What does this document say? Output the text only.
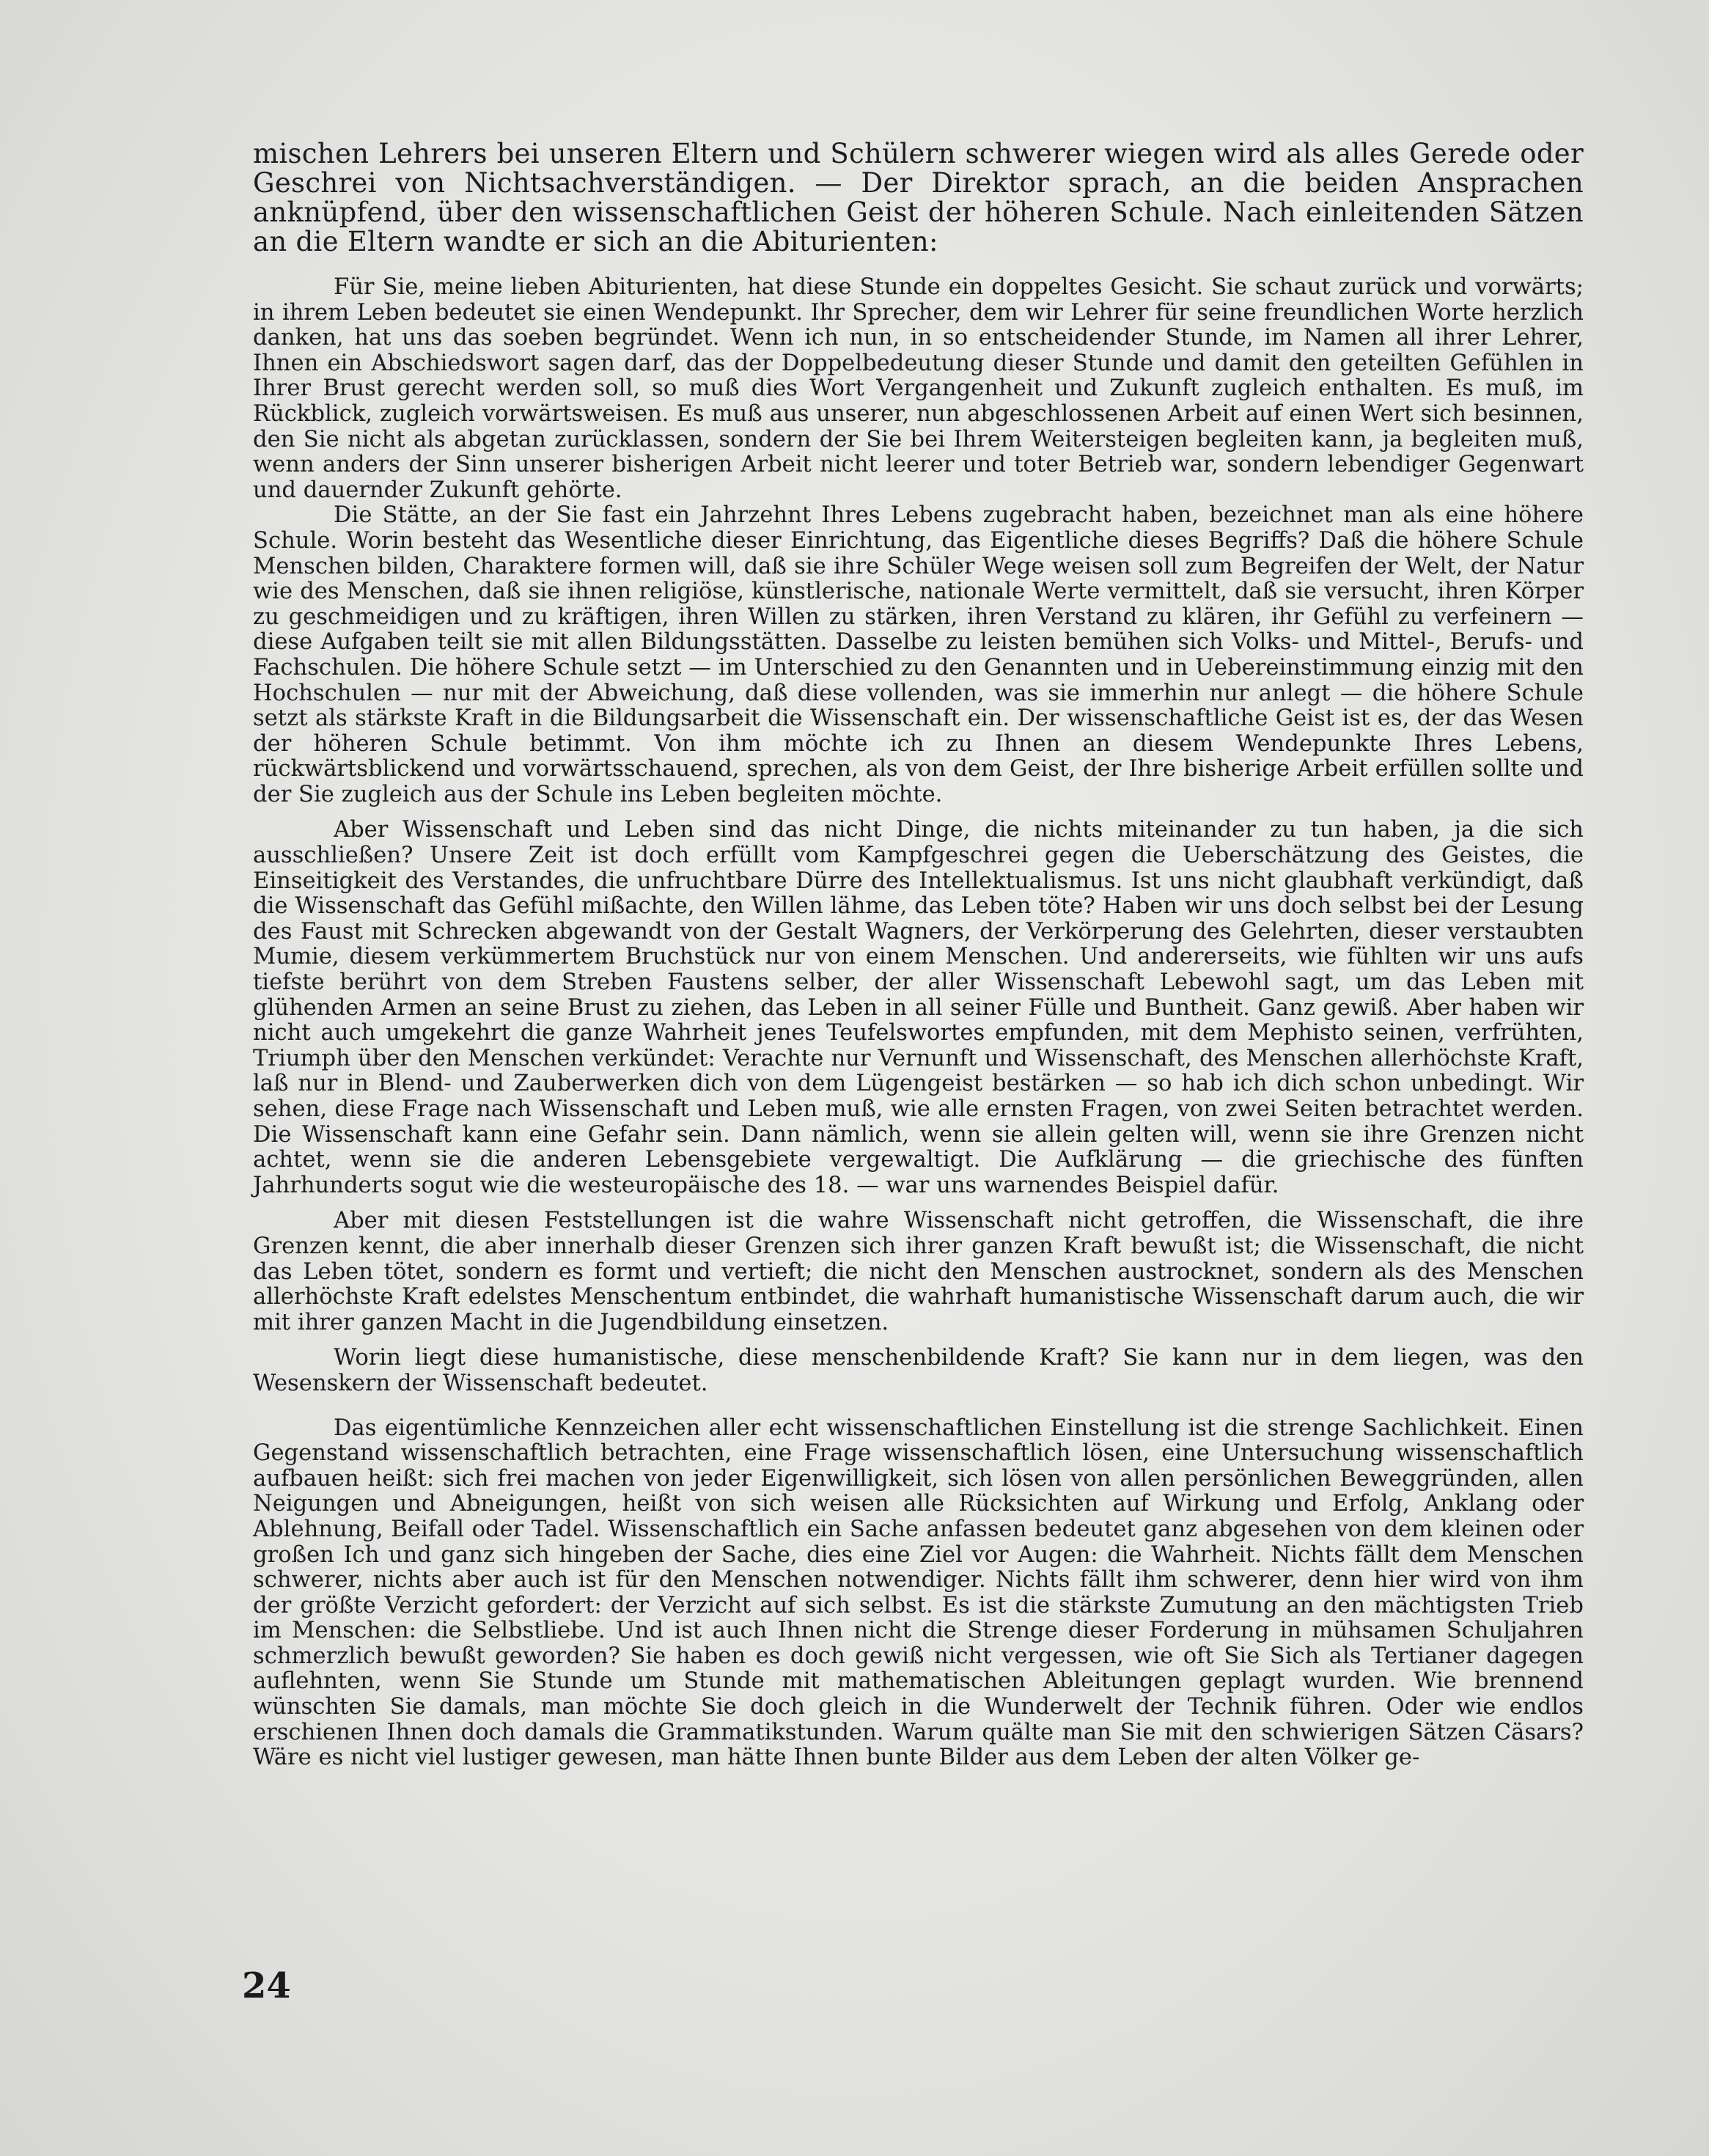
mischen Lehrers bei unseren Eltern und Schülern schwerer wiegen wird als alles Gerede oder Geschrei von Nichtsachverständigen. — Der Direktor sprach, an die beiden Ansprachen anknüpfend, über den wissenschaftlichen Geist der höheren Schule. Nach einleitenden Sätzen an die Eltern wandte er sich an die Abiturienten:

Für Sie, meine lieben Abiturienten, hat diese Stunde ein doppeltes Gesicht. Sie schaut zurück und vorwärts; in ihrem Leben bedeutet sie einen Wendepunkt. Ihr Sprecher, dem wir Lehrer für seine freundlichen Worte herzlich danken, hat uns das soeben begründet. Wenn ich nun, in so entscheidender Stunde, im Namen all ihrer Lehrer, Ihnen ein Abschiedswort sagen darf, das der Doppelbedeutung dieser Stunde und damit den geteilten Gefühlen in Ihrer Brust gerecht werden soll, so muß dies Wort Vergangenheit und Zukunft zugleich enthalten. Es muß, im Rückblick, zugleich vorwärtsweisen. Es muß aus unserer, nun abgeschlossenen Arbeit auf einen Wert sich besinnen, den Sie nicht als abgetan zurücklassen, sondern der Sie bei Ihrem Weitersteigen begleiten kann, ja begleiten muß, wenn anders der Sinn unserer bisherigen Arbeit nicht leerer und toter Betrieb war, sondern lebendiger Gegenwart und dauernder Zukunft gehörte.

Die Stätte, an der Sie fast ein Jahrzehnt Ihres Lebens zugebracht haben, bezeichnet man als eine höhere Schule. Worin besteht das Wesentliche dieser Einrichtung, das Eigentliche dieses Begriffs? Daß die höhere Schule Menschen bilden, Charaktere formen will, daß sie ihre Schüler Wege weisen soll zum Begreifen der Welt, der Natur wie des Menschen, daß sie ihnen religiöse, künstlerische, nationale Werte vermittelt, daß sie versucht, ihren Körper zu geschmeidigen und zu kräftigen, ihren Willen zu stärken, ihren Verstand zu klären, ihr Gefühl zu verfeinern — diese Aufgaben teilt sie mit allen Bildungsstätten. Dasselbe zu leisten bemühen sich Volks- und Mittel-, Berufs- und Fachschulen. Die höhere Schule setzt — im Unterschied zu den Genannten und in Uebereinstimmung einzig mit den Hochschulen — nur mit der Abweichung, daß diese vollenden, was sie immerhin nur anlegt — die höhere Schule setzt als stärkste Kraft in die Bildungsarbeit die Wissenschaft ein. Der wissenschaftliche Geist ist es, der das Wesen der höheren Schule betimmt. Von ihm möchte ich zu Ihnen an diesem Wendepunkte Ihres Lebens, rückwärtsblickend und vorwärtsschauend, sprechen, als von dem Geist, der Ihre bisherige Arbeit erfüllen sollte und der Sie zugleich aus der Schule ins Leben begleiten möchte.

Aber Wissenschaft und Leben sind das nicht Dinge, die nichts miteinander zu tun haben, ja die sich ausschließen? Unsere Zeit ist doch erfüllt vom Kampfgeschrei gegen die Ueberschätzung des Geistes, die Einseitigkeit des Verstandes, die unfruchtbare Dürre des Intellektualismus. Ist uns nicht glaubhaft verkündigt, daß die Wissenschaft das Gefühl mißachte, den Willen lähme, das Leben töte? Haben wir uns doch selbst bei der Lesung des Faust mit Schrecken abgewandt von der Gestalt Wagners, der Verkörperung des Gelehrten, dieser verstaubten Mumie, diesem verkümmertem Bruchstück nur von einem Menschen. Und andererseits, wie fühlten wir uns aufs tiefste berührt von dem Streben Faustens selber, der aller Wissenschaft Lebewohl sagt, um das Leben mit glühenden Armen an seine Brust zu ziehen, das Leben in all seiner Fülle und Buntheit. Ganz gewiß. Aber haben wir nicht auch umgekehrt die ganze Wahrheit jenes Teufelswortes empfunden, mit dem Mephisto seinen, verfrühten, Triumph über den Menschen verkündet: Verachte nur Vernunft und Wissenschaft, des Menschen allerhöchste Kraft, laß nur in Blend- und Zauberwerken dich von dem Lügengeist bestärken — so hab ich dich schon unbedingt. Wir sehen, diese Frage nach Wissenschaft und Leben muß, wie alle ernsten Fragen, von zwei Seiten betrachtet werden. Die Wissenschaft kann eine Gefahr sein. Dann nämlich, wenn sie allein gelten will, wenn sie ihre Grenzen nicht achtet, wenn sie die anderen Lebensgebiete vergewaltigt. Die Aufklärung — die griechische des fünften Jahrhunderts sogut wie die westeuropäische des 18. — war uns warnendes Beispiel dafür.

Aber mit diesen Feststellungen ist die wahre Wissenschaft nicht getroffen, die Wissenschaft, die ihre Grenzen kennt, die aber innerhalb dieser Grenzen sich ihrer ganzen Kraft bewußt ist; die Wissenschaft, die nicht das Leben tötet, sondern es formt und vertieft; die nicht den Menschen austrocknet, sondern als des Menschen allerhöchste Kraft edelstes Menschentum entbindet, die wahrhaft humanistische Wissenschaft darum auch, die wir mit ihrer ganzen Macht in die Jugendbildung einsetzen.

Worin liegt diese humanistische, diese menschenbildende Kraft? Sie kann nur in dem liegen, was den Wesenskern der Wissenschaft bedeutet.

Das eigentümliche Kennzeichen aller echt wissenschaftlichen Einstellung ist die strenge Sachlichkeit. Einen Gegenstand wissenschaftlich betrachten, eine Frage wissenschaftlich lösen, eine Untersuchung wissenschaftlich aufbauen heißt: sich frei machen von jeder Eigenwilligkeit, sich lösen von allen persönlichen Beweggründen, allen Neigungen und Abneigungen, heißt von sich weisen alle Rücksichten auf Wirkung und Erfolg, Anklang oder Ablehnung, Beifall oder Tadel. Wissenschaftlich ein Sache anfassen bedeutet ganz abgesehen von dem kleinen oder großen Ich und ganz sich hingeben der Sache, dies eine Ziel vor Augen: die Wahrheit. Nichts fällt dem Menschen schwerer, nichts aber auch ist für den Menschen notwendiger. Nichts fällt ihm schwerer, denn hier wird von ihm der größte Verzicht gefordert: der Verzicht auf sich selbst. Es ist die stärkste Zumutung an den mächtigsten Trieb im Menschen: die Selbstliebe. Und ist auch Ihnen nicht die Strenge dieser Forderung in mühsamen Schuljahren schmerzlich bewußt geworden? Sie haben es doch gewiß nicht vergessen, wie oft Sie Sich als Tertianer dagegen auflehnten, wenn Sie Stunde um Stunde mit mathematischen Ableitungen geplagt wurden. Wie brennend wünschten Sie damals, man möchte Sie doch gleich in die Wunderwelt der Technik führen. Oder wie endlos erschienen Ihnen doch damals die Grammatikstunden. Warum quälte man Sie mit den schwierigen Sätzen Cäsars? Wäre es nicht viel lustiger gewesen, man hätte Ihnen bunte Bilder aus dem Leben der alten Völker ge-

24
